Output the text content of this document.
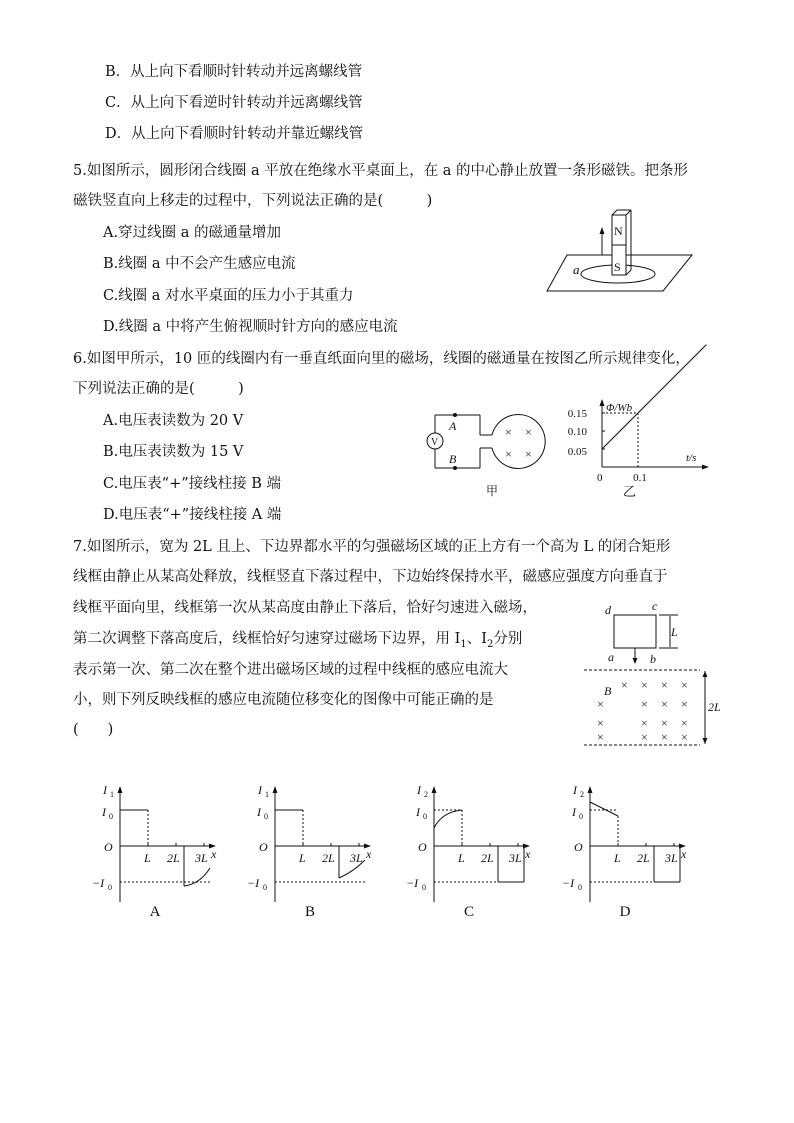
B．从上向下看顺时针转动并远离螺线管
C．从上向下看逆时针转动并远离螺线管
D．从上向下看顺时针转动并靠近螺线管
5.如图所示，圆形闭合线圈 a 平放在绝缘水平桌面上，在 a 的中心静止放置一条形磁铁。把条形
磁铁竖直向上移走的过程中，下列说法正确的是(　　　)
A.穿过线圈 a 的磁通量增加
B.线圈 a 中不会产生感应电流
C.线圈 a 对水平桌面的压力小于其重力
D.线圈 a 中将产生俯视顺时针方向的感应电流
N
S
a
6.如图甲所示，10 匝的线圈内有一垂直纸面向里的磁场，线圈的磁通量在按图乙所示规律变化，
下列说法正确的是(　　　)
A.电压表读数为 20 V
B.电压表读数为 15 V
C.电压表“+”接线柱接 B 端
D.电压表“+”接线柱接 A 端
V
A
B
× ×
× ×
甲
Φ/Wb
t/s
0
乙
0.05
0.10
0.15
0.1
7.如图所示，宽为 2L 且上、下边界都水平的匀强磁场区域的正上方有一个高为 L 的闭合矩形
线框由静止从某高处释放，线框竖直下落过程中，下边始终保持水平，磁感应强度方向垂直于
线框平面向里，线框第一次从某高度由静止下落后，恰好匀速进入磁场，
第二次调整下落高度后，线框恰好匀速穿过磁场下边界，用 $I_1$、$I_2$分别
表示第一次、第二次在整个进出磁场区域的过程中线框的感应电流大
小，则下列反映线框的感应电流随位移变化的图像中可能正确的是
(　　)
d	c
a	b
L
2L
B × × × ×
×	× × ×
×	× × ×
×	× × ×
I 1
O	x
I 0
−I 0
L 2L 3L
A
I 1
O	x
I 0
−I 0
L 2L 3L
B
I 2
O	x
I 0
−I 0
L 2L 3L
C
I 2
O	x
I 0
−I 0
L 2L 3L
D
